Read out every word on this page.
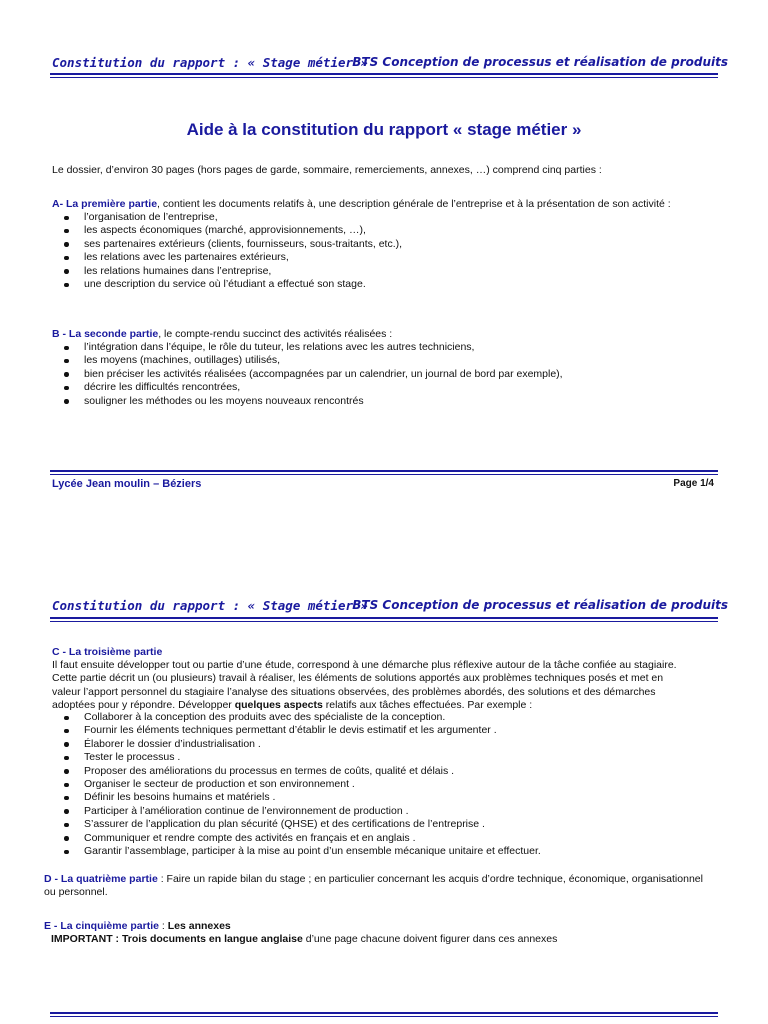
Constitution du rapport : « Stage métier »
BTS Conception de processus et réalisation de produits
Aide à la constitution du rapport « stage métier »
Le dossier, d’environ 30 pages (hors pages de garde, sommaire, remerciements, annexes, …) comprend cinq parties :
A- La première partie, contient les documents relatifs à, une description générale de l’entreprise et à la présentation de son activité :
l’organisation de l’entreprise,
les aspects économiques (marché, approvisionnements, …),
ses partenaires extérieurs (clients, fournisseurs, sous-traitants, etc.),
les relations avec les partenaires extérieurs,
les relations humaines dans l’entreprise,
une description du service où l’étudiant a effectué son stage.
B - La seconde partie, le compte-rendu succinct des activités réalisées :
l’intégration dans l’équipe, le rôle du tuteur, les relations avec les autres techniciens,
les moyens (machines, outillages) utilisés,
bien préciser les activités réalisées (accompagnées par un calendrier, un journal de bord par exemple),
décrire les difficultés rencontrées,
souligner les méthodes ou les moyens nouveaux rencontrés
Lycée Jean moulin – Béziers	Page 1/4
Constitution du rapport : « Stage métier »
BTS Conception de processus et réalisation de produits
C - La troisième partie
Il faut ensuite développer tout ou partie d’une étude, correspond à une démarche plus réflexive autour de la tâche confiée au stagiaire.
Cette partie décrit un (ou plusieurs) travail à réaliser, les éléments de solutions apportés aux problèmes techniques posés et met en
valeur l’apport personnel du stagiaire l’analyse des situations observées, des problèmes abordés, des solutions et des démarches
adoptées pour y répondre. Développer quelques aspects relatifs aux tâches effectuées. Par exemple :
Collaborer à la conception des produits avec des spécialiste de la conception.
Fournir les éléments techniques permettant d’établir le devis estimatif et les argumenter .
Élaborer le dossier d’industrialisation .
Tester le processus .
Proposer des améliorations du processus en termes de coûts, qualité et délais .
Organiser le secteur de production et son environnement .
Définir les besoins humains et matériels .
Participer à l’amélioration continue de l’environnement de production .
S’assurer de l’application du plan sécurité (QHSE) et des certifications de l’entreprise .
Communiquer et rendre compte des activités en français et en anglais .
Garantir l’assemblage, participer à la mise au point d’un ensemble mécanique unitaire et effectuer.
D - La quatrième partie : Faire un rapide bilan du stage ; en particulier concernant les acquis d’ordre technique, économique, organisationnel
ou personnel.
E - La cinquième partie : Les annexes
IMPORTANT : Trois documents en langue anglaise d’une page chacune doivent figurer dans ces annexes
